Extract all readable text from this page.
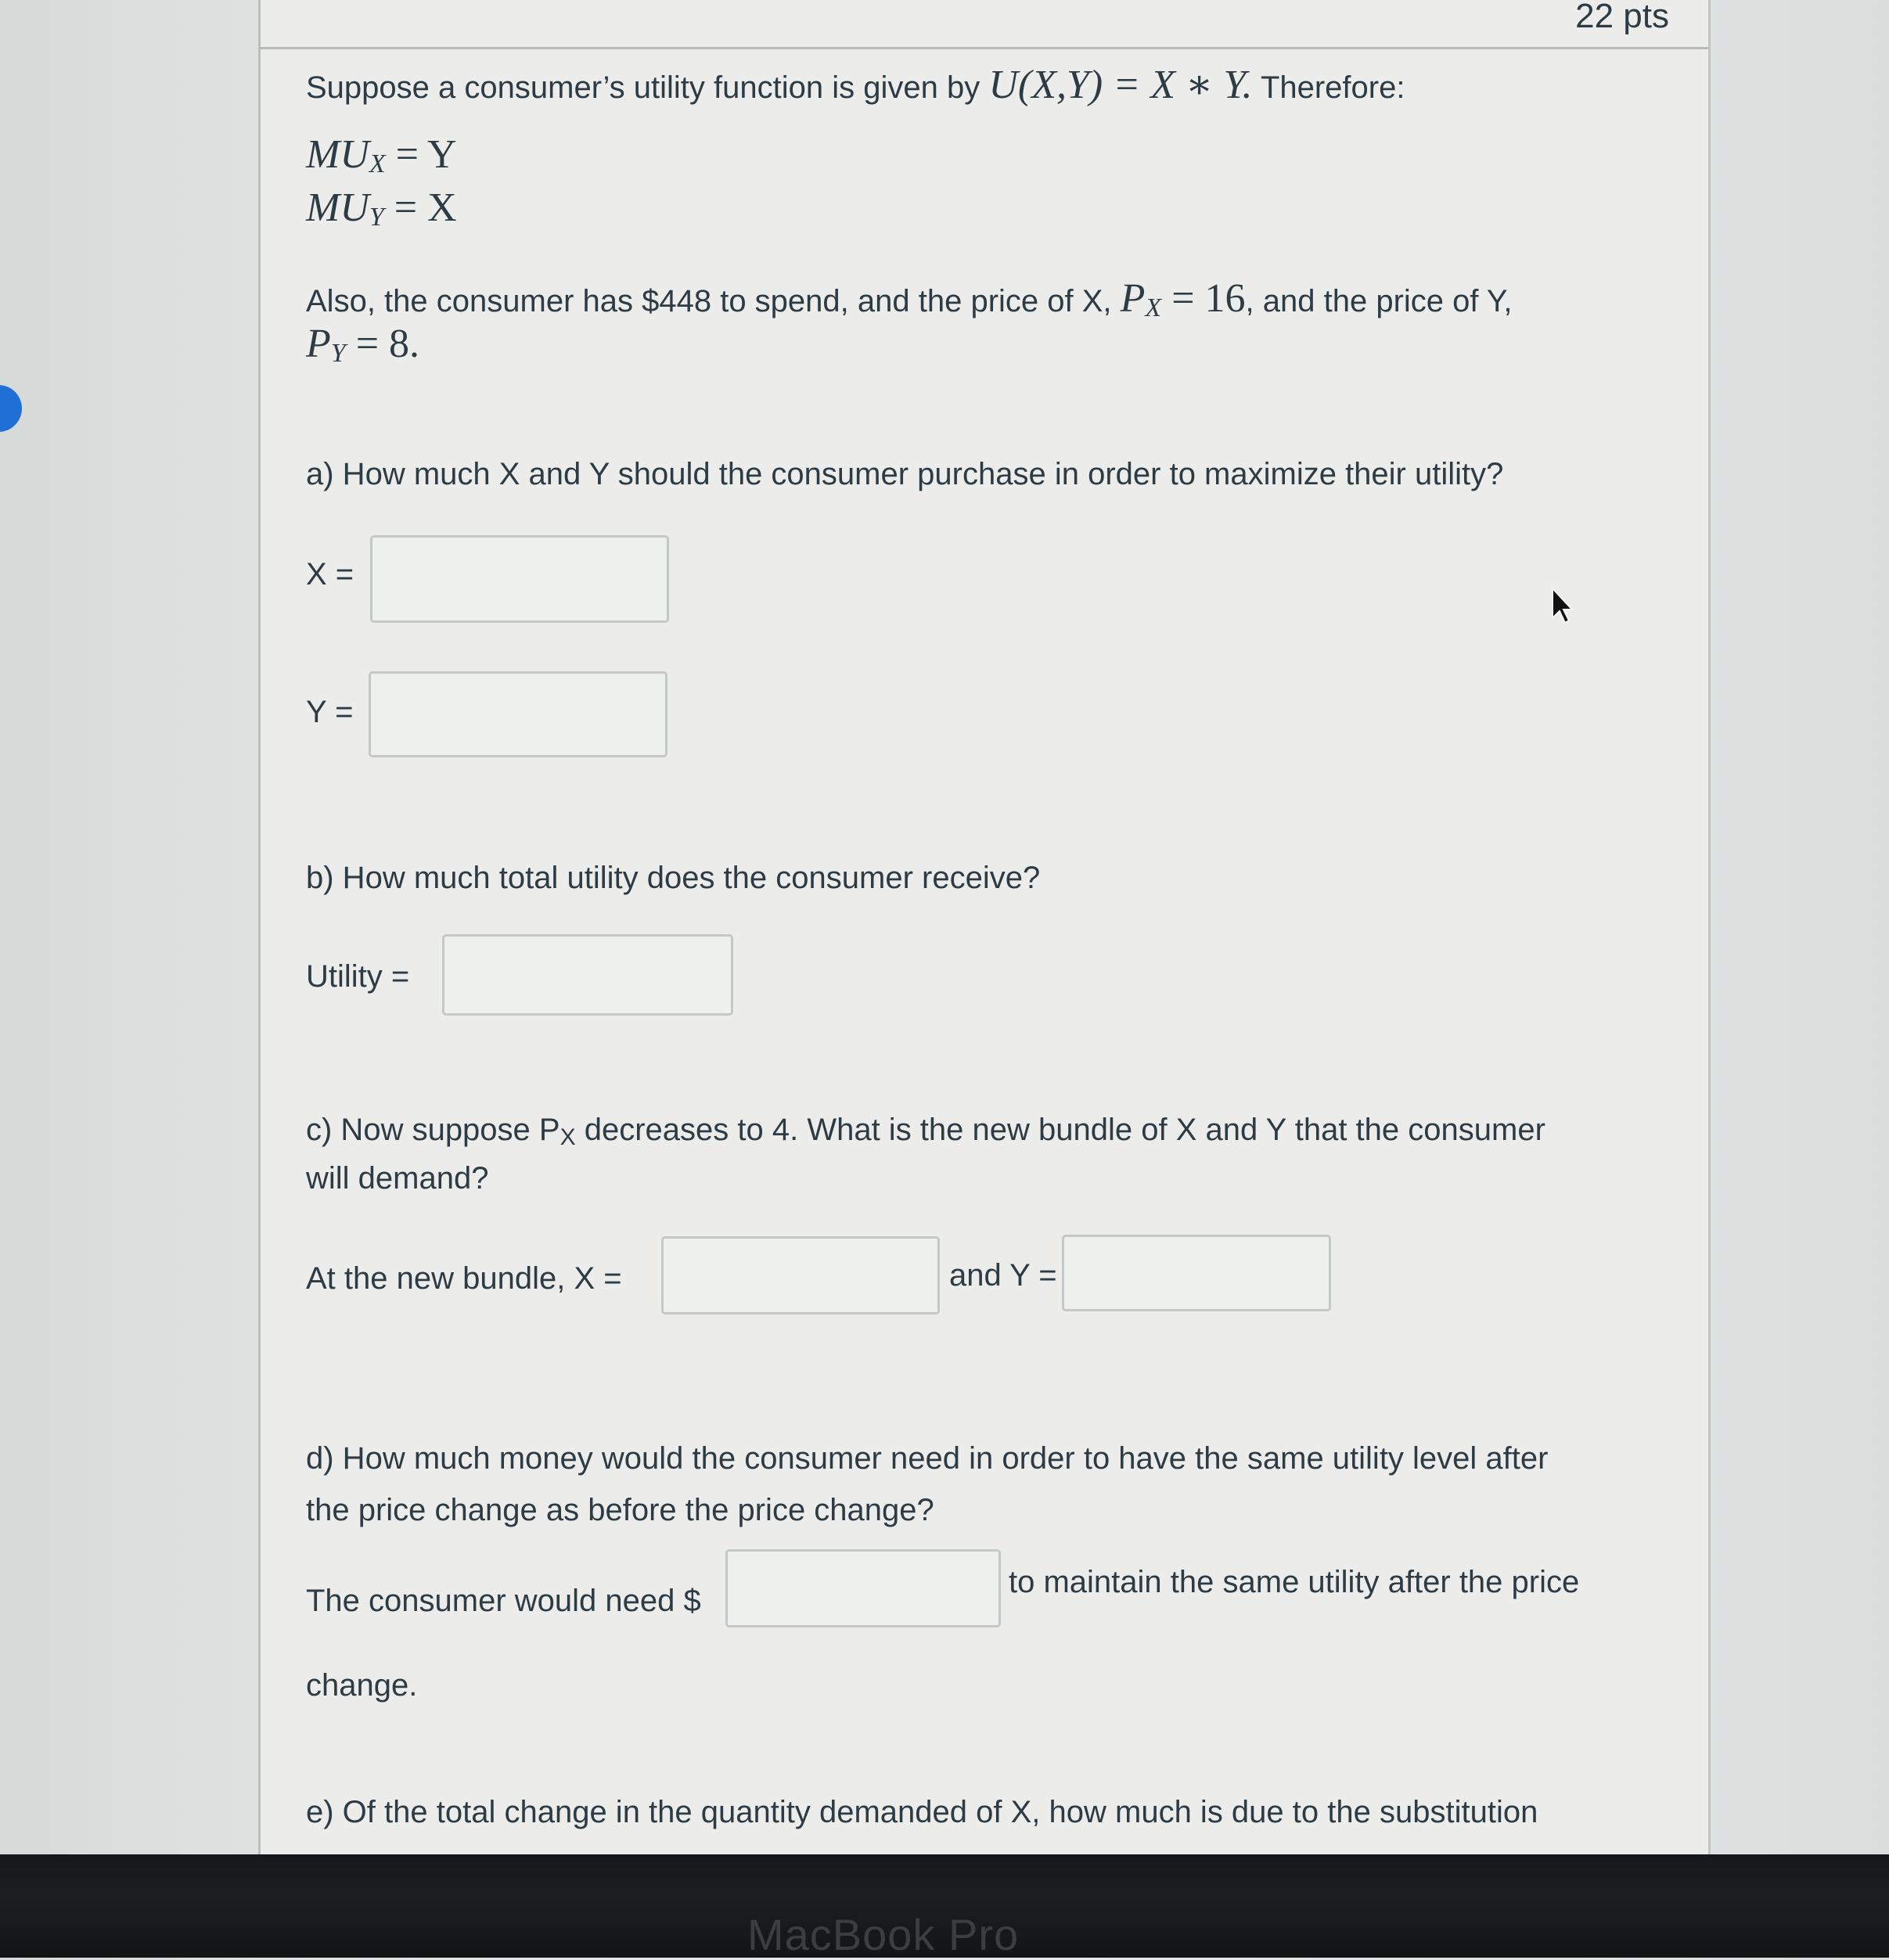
22 pts
Suppose a consumer’s utility function is given by U(X,Y) = X ∗ Y. Therefore:
$MU_X = Y$
$MU_Y = X$
Also, the consumer has $448 to spend, and the price of X, $P_X = 16$, and the price of Y,
$P_Y = 8$.
a) How much X and Y should the consumer purchase in order to maximize their utility?
X =
Y =
b) How much total utility does the consumer receive?
Utility =
c) Now suppose PX decreases to 4. What is the new bundle of X and Y that the consumer
will demand?
At the new bundle, X =	and Y =
d) How much money would the consumer need in order to have the same utility level after
the price change as before the price change?
The consumer would need $
to maintain the same utility after the price
change.
e) Of the total change in the quantity demanded of X, how much is due to the substitution
MacBook Pro
